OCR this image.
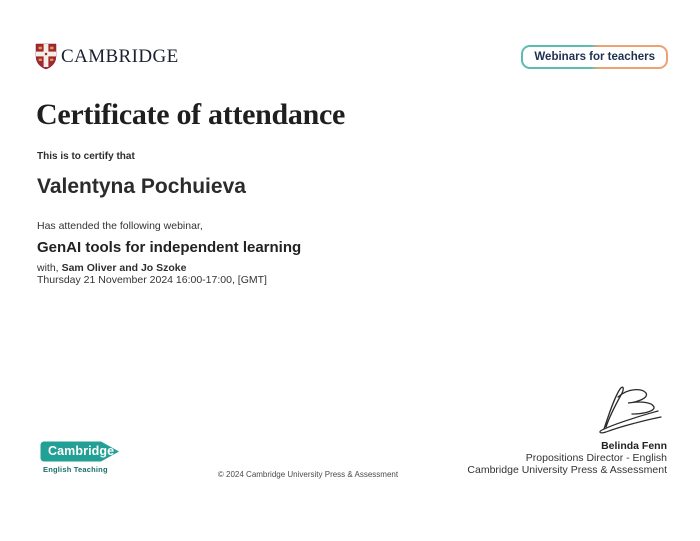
CAMBRIDGE	Webinars for teachers
Certificate of attendance
This is to certify that
Valentyna Pochuieva
Has attended the following webinar,
GenAI tools for independent learning
with, Sam Oliver and Jo Szoke
Thursday 21 November 2024 16:00-17:00, [GMT]
Belinda Fenn
Propositions Director - English
Cambridge University Press & Assessment
Cambridge
English Teaching
© 2024 Cambridge University Press & Assessment
